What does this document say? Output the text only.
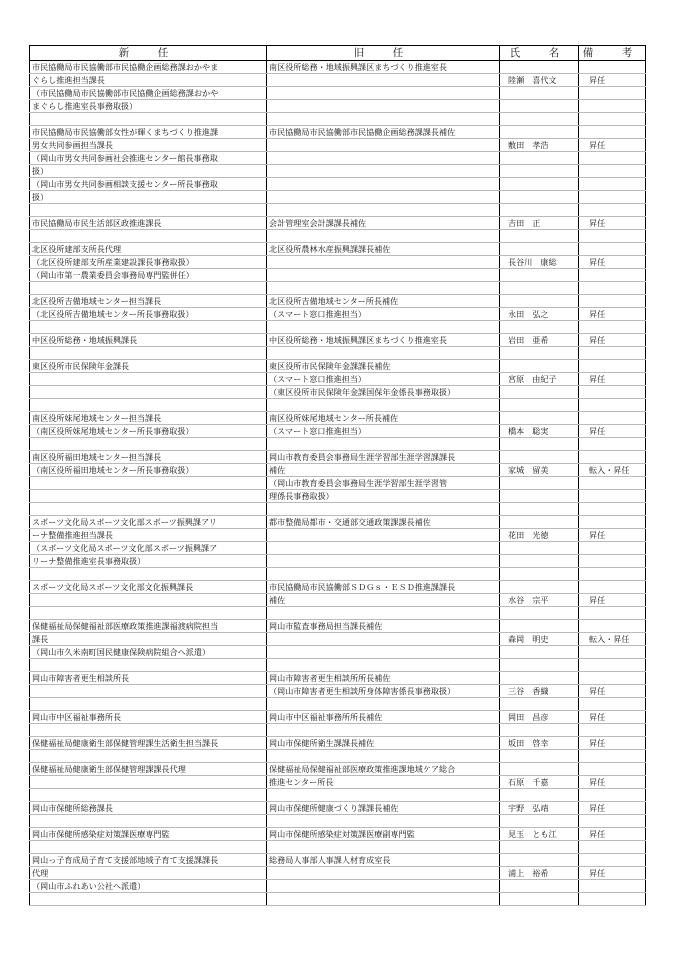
新　任	旧　任	氏　名	備　考
市民協働局市民協働部市民協働企画総務課おかやま	南区役所総務・地域振興課区まちづくり推進室長		
ぐらし推進担当課長		陸瀬　喜代文	昇任
（市民協働局市民協働部市民協働企画総務課おかや			
まぐらし推進室長事務取扱）			

市民協働局市民協働部女性が輝くまちづくり推進課	市民協働局市民協働部市民協働企画総務課課長補佐		
男女共同参画担当課長		敷田　孝浩	昇任
（岡山市男女共同参画社会推進センター館長事務取			
扱）			
（岡山市男女共同参画相談支援センター所長事務取			
扱）			

市民協働局市民生活部区政推進課長	会計管理室会計課課長補佐	吉田　正	昇任

北区役所建部支所長代理	北区役所農林水産振興課課長補佐		
（北区役所建部支所産業建設課長事務取扱）		長谷川　康総	昇任
（岡山市第一農業委員会事務局専門監併任）			

北区役所吉備地域センター担当課長	北区役所吉備地域センター所長補佐		
（北区役所吉備地域センター所長事務取扱）	（スマート窓口推進担当）	永田　弘之	昇任

中区役所総務・地域振興課長	中区役所総務・地域振興課区まちづくり推進室長	岩田　亜希	昇任

東区役所市民保険年金課長	東区役所市民保険年金課課長補佐		
	（スマート窓口推進担当）	宮原　由紀子	昇任
	（東区役所市民保険年金課国保年金係長事務取扱）		

南区役所妹尾地域センター担当課長	南区役所妹尾地域センター所長補佐		
（南区役所妹尾地域センター所長事務取扱）	（スマート窓口推進担当）	橋本　聡実	昇任

南区役所福田地域センター担当課長	岡山市教育委員会事務局生涯学習部生涯学習課課長		
（南区役所福田地域センター所長事務取扱）	補佐	家城　留美	転入・昇任
	（岡山市教育委員会事務局生涯学習部生涯学習管		
	理係長事務取扱）		

スポーツ文化局スポーツ文化部スポーツ振興課アリ	都市整備局都市・交通部交通政策課課長補佐		
ーナ整備推進担当課長		花田　光徳	昇任
（スポーツ文化局スポーツ文化部スポーツ振興課ア			
リーナ整備推進室長事務取扱）			

スポーツ文化局スポーツ文化部文化振興課長	市民協働局市民協働部ＳＤＧｓ・ＥＳＤ推進課課長		
	補佐	水谷　宗平	昇任

保健福祉局保健福祉部医療政策推進課福渡病院担当	岡山市監査事務局担当課長補佐		
課長		森岡　明史	転入・昇任
（岡山市久米南町国民健康保険病院組合へ派遣）			

岡山市障害者更生相談所長	岡山市障害者更生相談所所長補佐		
	（岡山市障害者更生相談所身体障害係長事務取扱）	三谷　香織	昇任

岡山市中区福祉事務所長	岡山市中区福祉事務所所長補佐	岡田　昌彦	昇任

保健福祉局健康衛生部保健管理課生活衛生担当課長	岡山市保健所衛生課課長補佐	坂田　啓幸	昇任

保健福祉局健康衛生部保健管理課課長代理	保健福祉局保健福祉部医療政策推進課地域ケア総合		
	推進センター所長	石原　千嘉	昇任

岡山市保健所総務課長	岡山市保健所健康づくり課課長補佐	宇野　弘靖	昇任

岡山市保健所感染症対策課医療専門監	岡山市保健所感染症対策課医療副専門監	見玉　とも江	昇任

岡山っ子育成局子育て支援部地域子育て支援課課長	総務局人事部人事課人材育成室長		
代理		浦上　裕希	昇任
（岡山市ふれあい公社へ派遣）			
